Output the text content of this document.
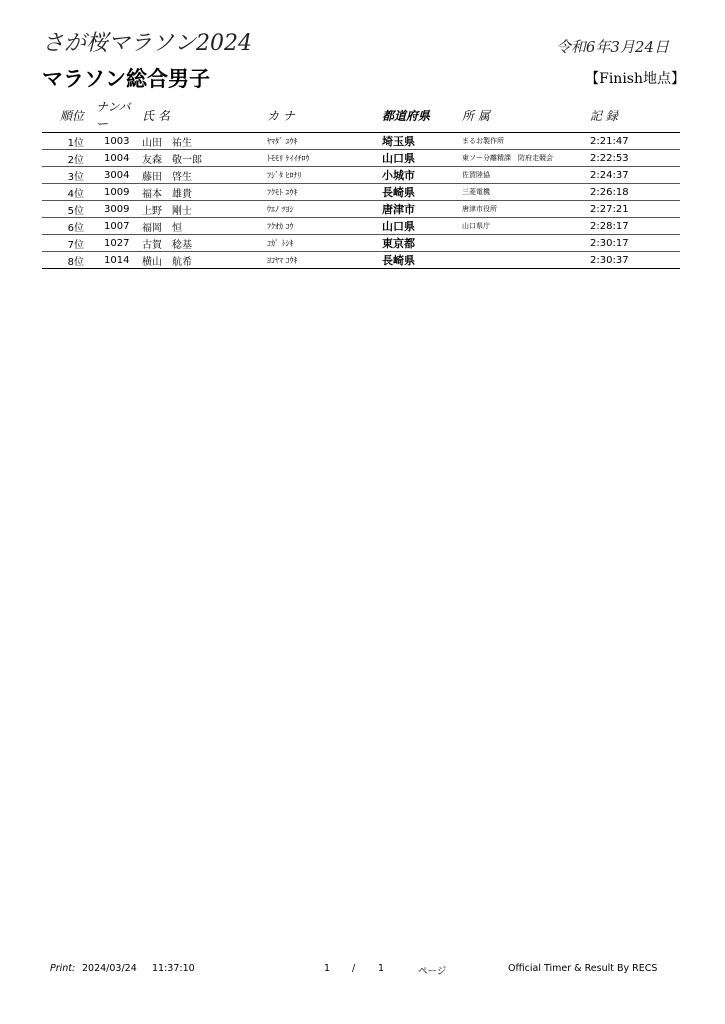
さが桜マラソン2024	令和6年3月24日
マラソン総合男子	【Finish地点】
順位	ナンバー	氏 名	カ ナ	都道府県	所 属	記 録
1位	1003	山田　祐生	ﾔﾏﾀﾞ ﾕｳｷ	埼玉県	まるお製作所	2:21:47
2位	1004	友森　敬一郎	ﾄﾓﾓﾘ ｹｲｲﾁﾛｳ	山口県	東ソー分離精課　防府走競会	2:22:53
3位	3004	藤田　啓生	ﾌｼﾞﾀ ﾋﾛﾅﾘ	小城市	佐賀陸協	2:24:37
4位	1009	福本　雄貴	ﾌｸﾓﾄ ﾕｳｷ	長崎県	三菱電機	2:26:18
5位	3009	上野　剛士	ｳｴﾉ ﾂﾖｼ	唐津市	唐津市役所	2:27:21
6位	1007	福岡　恒	ﾌｸｵｶ ｺｳ	山口県	山口県庁	2:28:17
7位	1027	古賀　稔基	ｺｶﾞ ﾄｼｷ	東京都		2:30:17
8位	1014	横山　航希	ﾖｺﾔﾏ ｺｳｷ	長崎県		2:30:37
Print: 2024/03/24 11:37:10	1 / 1	ページ	Official Timer & Result By RECS
